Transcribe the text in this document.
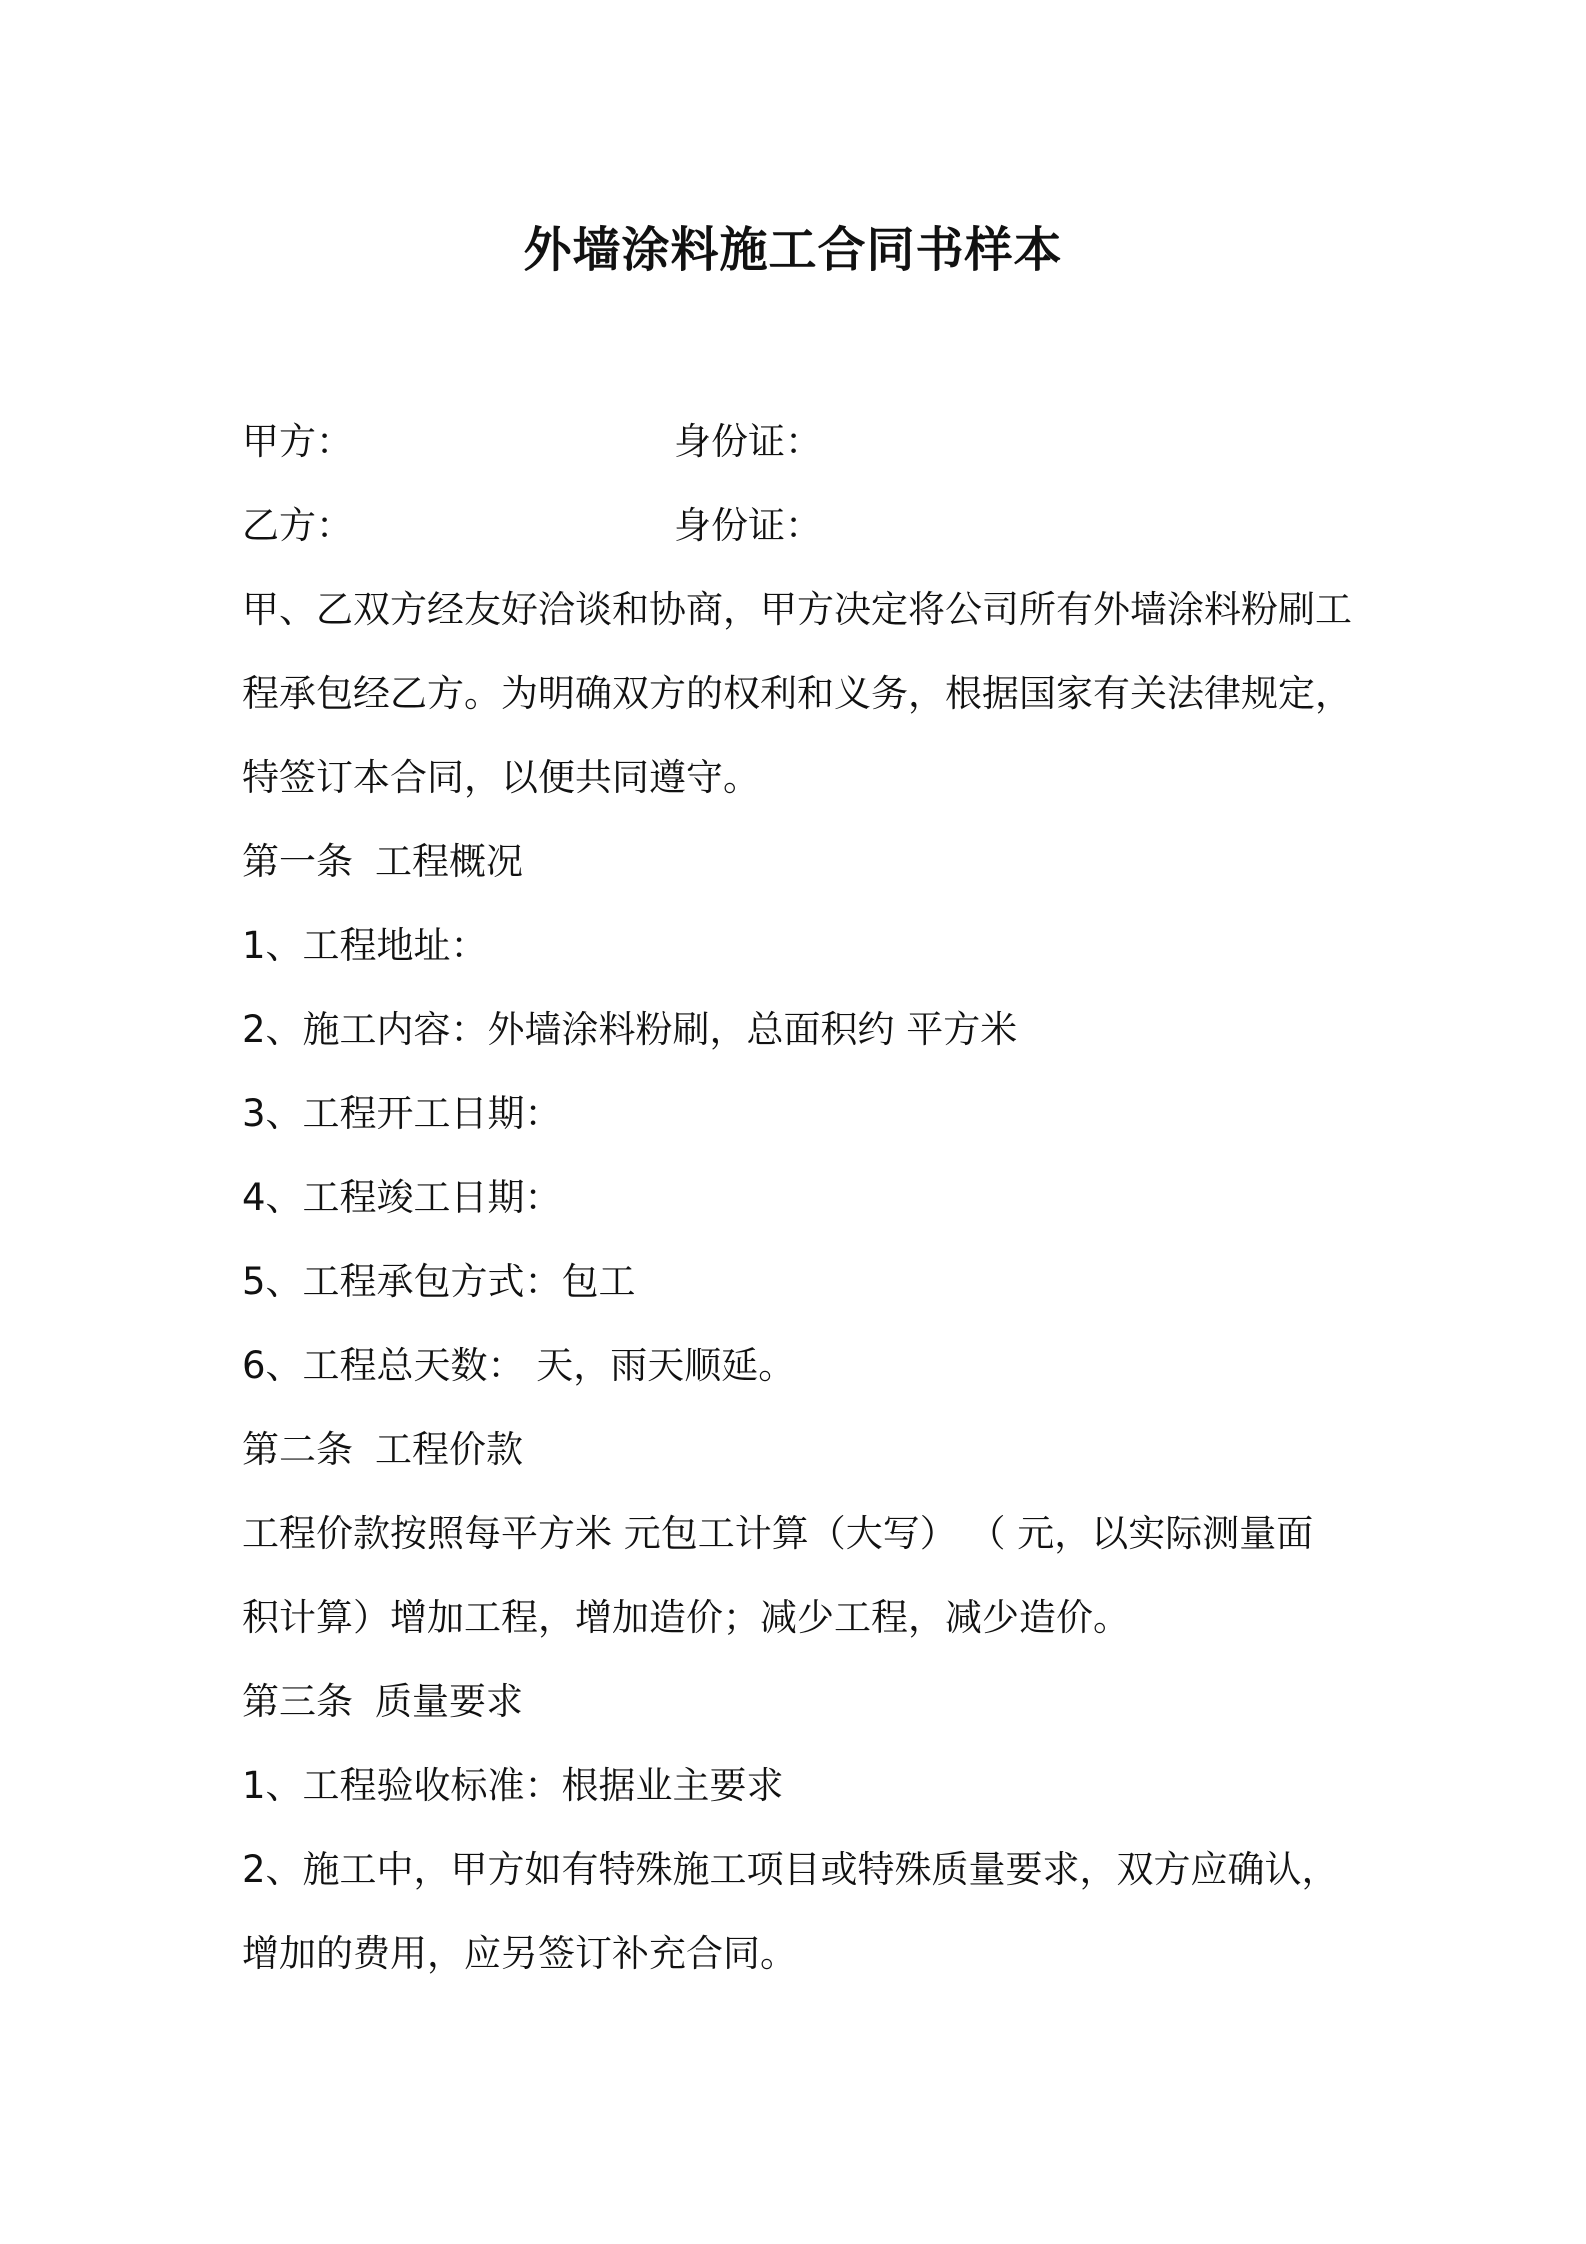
外墙涂料施工合同书样本
甲方：	身份证：
乙方：	身份证：
甲、乙双方经友好洽谈和协商，甲方决定将公司所有外墙涂料粉刷工
程承包经乙方。为明确双方的权利和义务，根据国家有关法律规定，
特签订本合同，以便共同遵守。
第一条 工程概况
1、工程地址：
2、施工内容：外墙涂料粉刷，总面积约 平方米
3、工程开工日期：
4、工程竣工日期：
5、工程承包方式：包工
6、工程总天数： 天，雨天顺延。
第二条 工程价款
工程价款按照每平方米 元包工计算（大写） （ 元，以实际测量面
积计算）增加工程，增加造价；减少工程，减少造价。
第三条 质量要求
1、工程验收标准：根据业主要求
2、施工中，甲方如有特殊施工项目或特殊质量要求，双方应确认，
增加的费用，应另签订补充合同。
